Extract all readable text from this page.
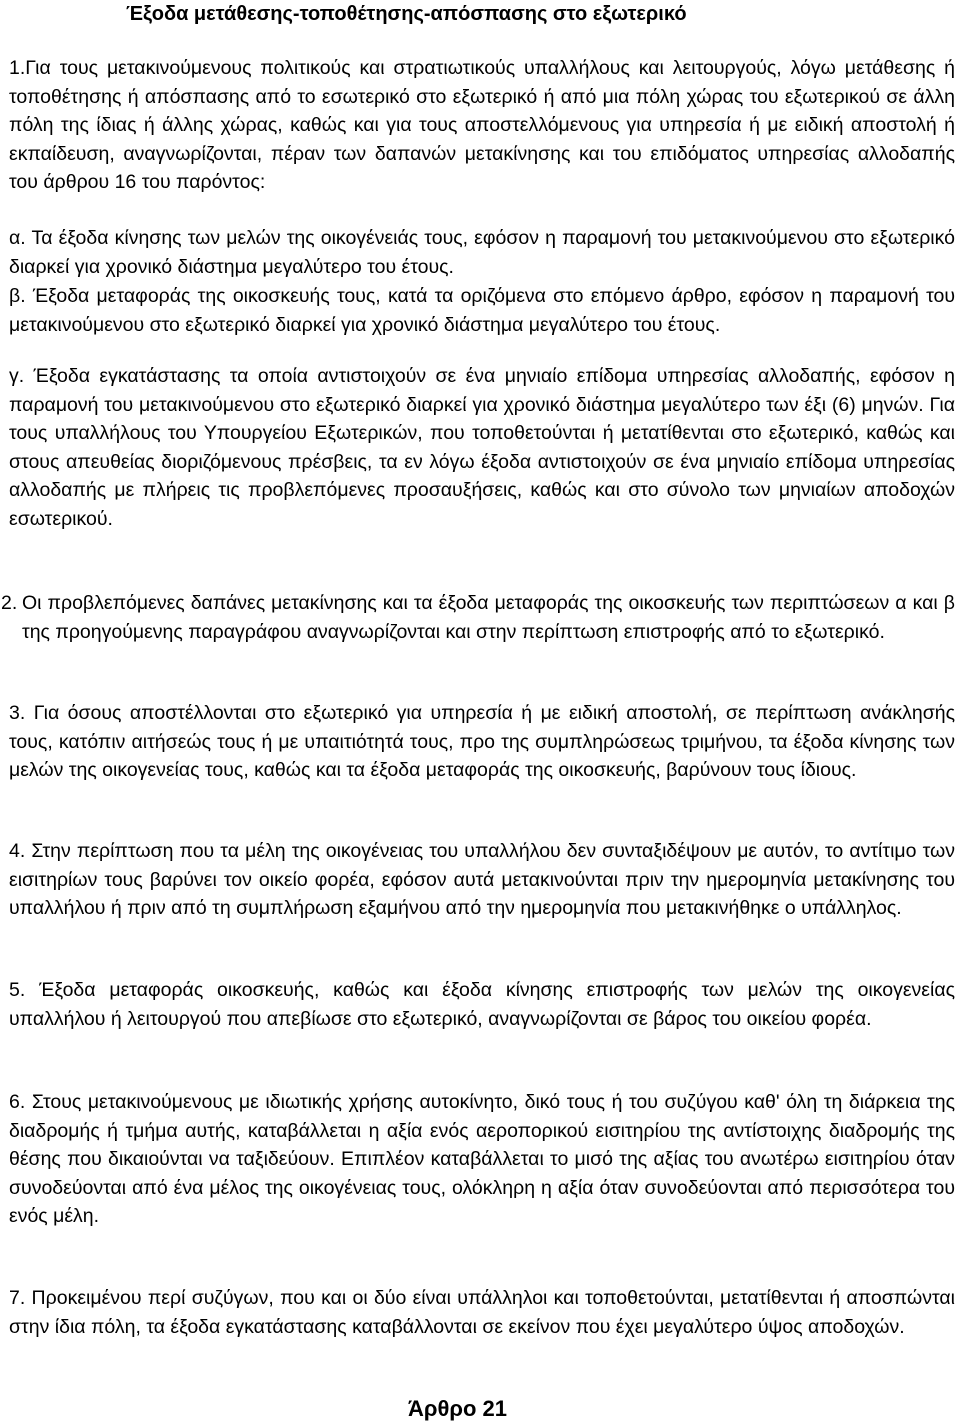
Έξοδα μετάθεσης-τοποθέτησης-απόσπασης στο εξωτερικό
1.Για τους μετακινούμενους πολιτικούς και στρατιωτικούς υπαλλήλους και λειτουργούς, λόγω μετάθεσης ή τοποθέτησης ή απόσπασης από το εσωτερικό στο εξωτερικό ή από μια πόλη χώρας του εξωτερικού σε άλλη πόλη της ίδιας ή άλλης χώρας, καθώς και για τους αποστελλόμενους για υπηρεσία ή με ειδική αποστολή ή εκπαίδευση, αναγνωρίζονται, πέραν των δαπανών μετακίνησης και του επιδόματος υπηρεσίας αλλοδαπής του άρθρου 16 του παρόντος:
α. Τα έξοδα κίνησης των μελών της οικογένειάς τους, εφόσον η παραμονή του μετακινούμενου στο εξωτερικό διαρκεί για χρονικό διάστημα μεγαλύτερο του έτους.
β. Έξοδα μεταφοράς της οικοσκευής τους, κατά τα οριζόμενα στο επόμενο άρθρο, εφόσον η παραμονή του μετακινούμενου στο εξωτερικό διαρκεί για χρονικό διάστημα μεγαλύτερο του έτους.
γ. Έξοδα εγκατάστασης τα οποία αντιστοιχούν σε ένα μηνιαίο επίδομα υπηρεσίας αλλοδαπής, εφόσον η παραμονή του μετακινούμενου στο εξωτερικό διαρκεί για χρονικό διάστημα μεγαλύτερο των έξι (6) μηνών. Για τους υπαλλήλους του Υπουργείου Εξωτερικών, που τοποθετούνται ή μετατίθενται στο εξωτερικό, καθώς και στους απευθείας διοριζόμενους πρέσβεις, τα εν λόγω έξοδα αντιστοιχούν σε ένα μηνιαίο επίδομα υπηρεσίας αλλοδαπής με πλήρεις τις προβλεπόμενες προσαυξήσεις, καθώς και στο σύνολο των μηνιαίων αποδοχών εσωτερικού.
2. Οι προβλεπόμενες δαπάνες μετακίνησης και τα έξοδα μεταφοράς της οικοσκευής των περιπτώσεων α και β της προηγούμενης παραγράφου αναγνωρίζονται και στην περίπτωση επιστροφής από το εξωτερικό.
3. Για όσους αποστέλλονται στο εξωτερικό για υπηρεσία ή με ειδική αποστολή, σε περίπτωση ανάκλησής τους, κατόπιν αιτήσεώς τους ή με υπαιτιότητά τους, προ της συμπληρώσεως τριμήνου, τα έξοδα κίνησης των μελών της οικογενείας τους, καθώς και τα έξοδα μεταφοράς της οικοσκευής, βαρύνουν τους ίδιους.
4. Στην περίπτωση που τα μέλη της οικογένειας του υπαλλήλου δεν συνταξιδέψουν με αυτόν, το αντίτιμο των εισιτηρίων τους βαρύνει τον οικείο φορέα, εφόσον αυτά μετακινούνται πριν την ημερομηνία μετακίνησης του υπαλλήλου ή πριν από τη συμπλήρωση εξαμήνου από την ημερομηνία που μετακινήθηκε ο υπάλληλος.
5. Έξοδα μεταφοράς οικοσκευής, καθώς και έξοδα κίνησης επιστροφής των μελών της οικογενείας υπαλλήλου ή λειτουργού που απεβίωσε στο εξωτερικό, αναγνωρίζονται σε βάρος του οικείου φορέα.
6. Στους μετακινούμενους με ιδιωτικής χρήσης αυτοκίνητο, δικό τους ή του συζύγου καθ' όλη τη διάρκεια της διαδρομής ή τμήμα αυτής, καταβάλλεται η αξία ενός αεροπορικού εισιτηρίου της αντίστοιχης διαδρομής της θέσης που δικαιούνται να ταξιδεύουν. Επιπλέον καταβάλλεται το μισό της αξίας του ανωτέρω εισιτηρίου όταν συνοδεύονται από ένα μέλος της οικογένειας τους, ολόκληρη η αξία όταν συνοδεύονται από περισσότερα του ενός μέλη.
7. Προκειμένου περί συζύγων, που και οι δύο είναι υπάλληλοι και τοποθετούνται, μετατίθενται ή αποσπώνται στην ίδια πόλη, τα έξοδα εγκατάστασης καταβάλλονται σε εκείνον που έχει μεγαλύτερο ύψος αποδοχών.
Άρθρο 21
